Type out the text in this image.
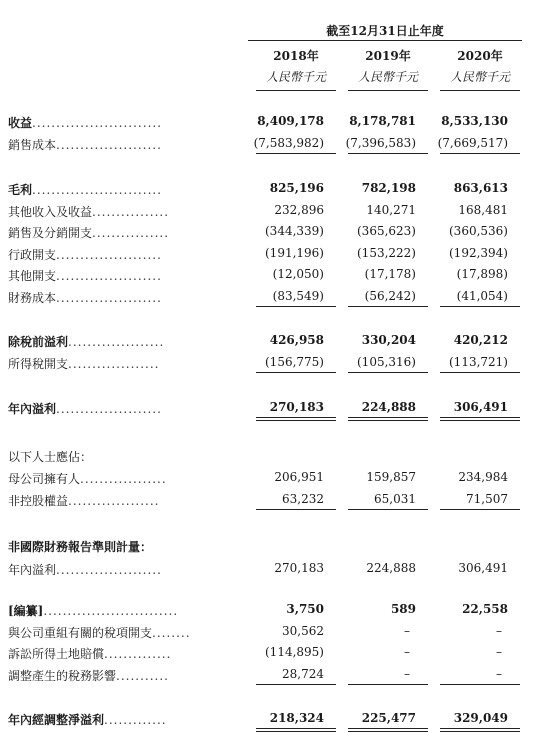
截至12月31日止年度
2018年	2019年	2020年
人民幣千元	人民幣千元	人民幣千元
收益...........................	8,409,178	8,178,781	8,533,130
銷售成本......................	(7,583,982)	(7,396,583)	(7,669,517)
毛利...........................	825,196	782,198	863,613
其他收入及收益................	232,896	140,271	168,481
銷售及分銷開支................	(344,339)	(365,623)	(360,536)
行政開支......................	(191,196)	(153,222)	(192,394)
其他開支......................	(12,050)	(17,178)	(17,898)
財務成本......................	(83,549)	(56,242)	(41,054)
除稅前溢利....................	426,958	330,204	420,212
所得稅開支...................	(156,775)	(105,316)	(113,721)
年內溢利......................	270,183	224,888	306,491
以下人士應佔：
母公司擁有人..................	206,951	159,857	234,984
非控股權益...................	63,232	65,031	71,507
非國際財務報告準則計量：
年內溢利......................	270,183	224,888	306,491
[編纂]............................	3,750	589	22,558
與公司重組有關的稅項開支........	30,562	–	–
訴訟所得土地賠償..............	(114,895)	–	–
調整產生的稅務影響...........	28,724	–	–
年內經調整淨溢利.............	218,324	225,477	329,049
